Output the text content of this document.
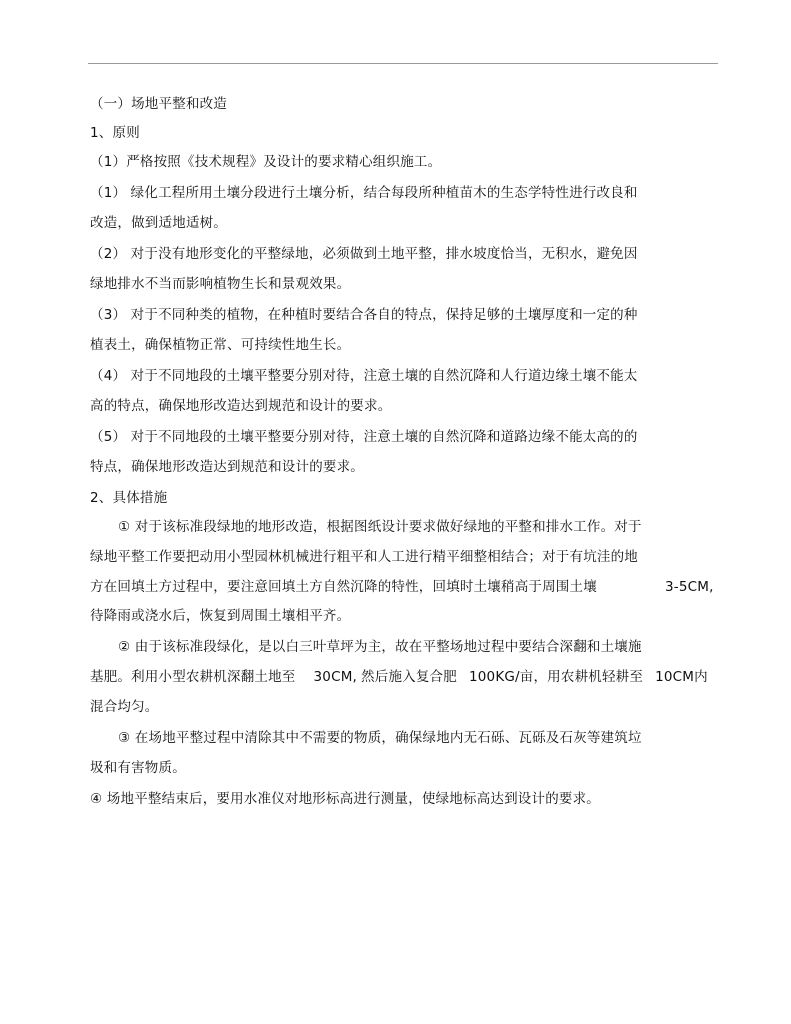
（一）场地平整和改造
1、原则
（1）严格按照《技术规程》及设计的要求精心组织施工。
（1） 绿化工程所用土壤分段进行土壤分析，结合每段所种植苗木的生态学特性进行改良和
改造，做到适地适树。
（2） 对于没有地形变化的平整绿地，必须做到土地平整，排水坡度恰当，无积水，避免因
绿地排水不当而影响植物生长和景观效果。
（3） 对于不同种类的植物，在种植时要结合各自的特点，保持足够的土壤厚度和一定的种
植表土，确保植物正常、可持续性地生长。
（4） 对于不同地段的土壤平整要分别对待，注意土壤的自然沉降和人行道边缘土壤不能太
高的特点，确保地形改造达到规范和设计的要求。
（5） 对于不同地段的土壤平整要分别对待，注意土壤的自然沉降和道路边缘不能太高的的
特点，确保地形改造达到规范和设计的要求。
2、具体措施
① 对于该标准段绿地的地形改造，根据图纸设计要求做好绿地的平整和排水工作。对于
绿地平整工作要把动用小型园林机械进行粗平和人工进行精平细整相结合；对于有坑洼的地
方在回填土方过程中，要注意回填土方自然沉降的特性，回填时土壤稍高于周围土壤	3-5CM,
待降雨或浇水后，恢复到周围土壤相平齐。
② 由于该标准段绿化，是以白三叶草坪为主，故在平整场地过程中要结合深翻和土壤施
基肥。利用小型农耕机深翻土地至 30CM, 然后施入复合肥 100KG/亩，用农耕机轻耕至 10CM内
混合均匀。
③ 在场地平整过程中清除其中不需要的物质，确保绿地内无石砾、瓦砾及石灰等建筑垃
圾和有害物质。
④ 场地平整结束后，要用水准仪对地形标高进行测量，使绿地标高达到设计的要求。
